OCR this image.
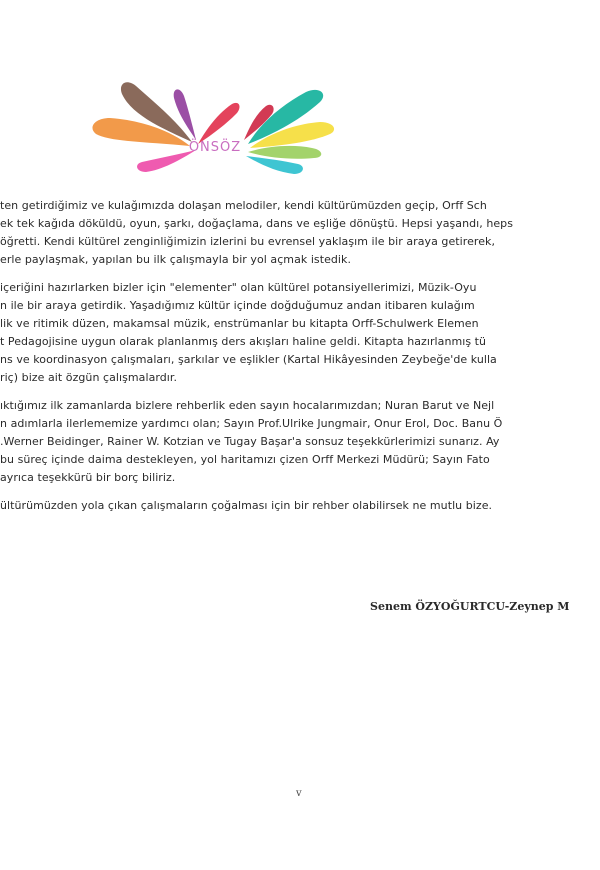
ÖNSÖZ
ten getirdiğimiz ve kulağımızda dolaşan melodiler, kendi kültürümüzden geçip, Orff Sch
ek tek kağıda döküldü, oyun, şarkı, doğaçlama, dans ve eşliğe dönüştü. Hepsi yaşandı, heps
öğretti. Kendi kültürel zenginliğimizin izlerini bu evrensel yaklaşım ile bir araya getirerek,
erle paylaşmak, yapılan bu ilk çalışmayla bir yol açmak istedik.
içeriğini hazırlarken bizler için "elementer" olan kültürel potansiyellerimizi, Müzik-Oyu
n ile bir araya getirdik. Yaşadığımız kültür içinde doğduğumuz andan itibaren kulağım
lik ve ritimik düzen, makamsal müzik, enstrümanlar bu kitapta Orff-Schulwerk Elemen
t Pedagojisine uygun olarak planlanmış ders akışları haline geldi. Kitapta hazırlanmış tü
ns ve koordinasyon çalışmaları, şarkılar ve eşlikler (Kartal Hikâyesinden Zeybeğe'de kulla
riç) bize ait özgün çalışmalardır.
ıktığımız ilk zamanlarda bizlere rehberlik eden sayın hocalarımızdan; Nuran Barut ve Nejl
n adımlarla ilerlememize yardımcı olan; Sayın Prof.Ulrike Jungmair, Onur Erol, Doc. Banu Ö
.Werner Beidinger, Rainer W. Kotzian ve Tugay Başar'a sonsuz teşekkürlerimizi sunarız. Ay
bu süreç içinde daima destekleyen, yol haritamızı çizen Orff Merkezi Müdürü; Sayın Fato
ayrıca teşekkürü bir borç biliriz.
ültürümüzden yola çıkan çalışmaların çoğalması için bir rehber olabilirsek ne mutlu bize.
Senem ÖZYOĞURTCU-Zeynep M
v
